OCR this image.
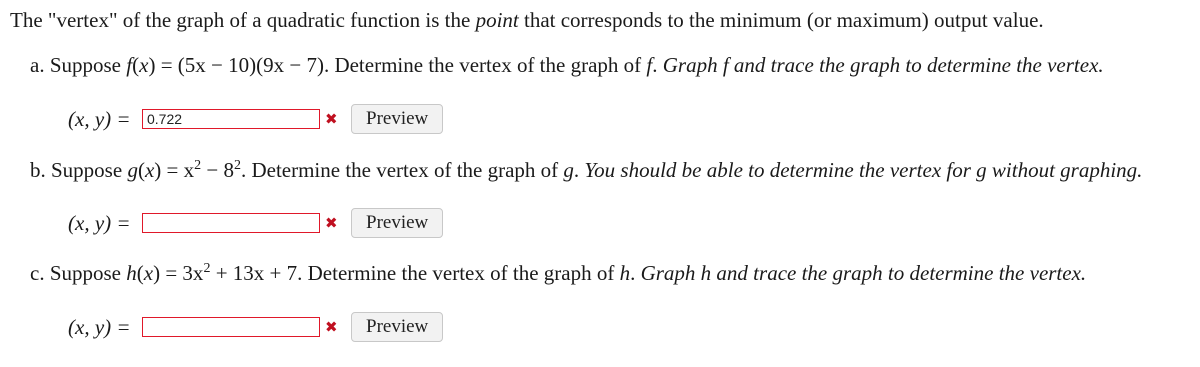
The "vertex" of the graph of a quadratic function is the point that corresponds to the minimum (or maximum) output value.
a. Suppose f(x) = (5x − 10)(9x − 7). Determine the vertex of the graph of f. Graph f and trace the graph to determine the vertex.
(x, y) =
0.722	✖	Preview
b. Suppose $g(x) = x^2 - 8^2$. Determine the vertex of the graph of g. You should be able to determine the vertex for g without graphing.
(x, y) =	✖	Preview
c. Suppose $h(x) = 3x^2 + 13x + 7$. Determine the vertex of the graph of h. Graph h and trace the graph to determine the vertex.
(x, y) =	✖	Preview
